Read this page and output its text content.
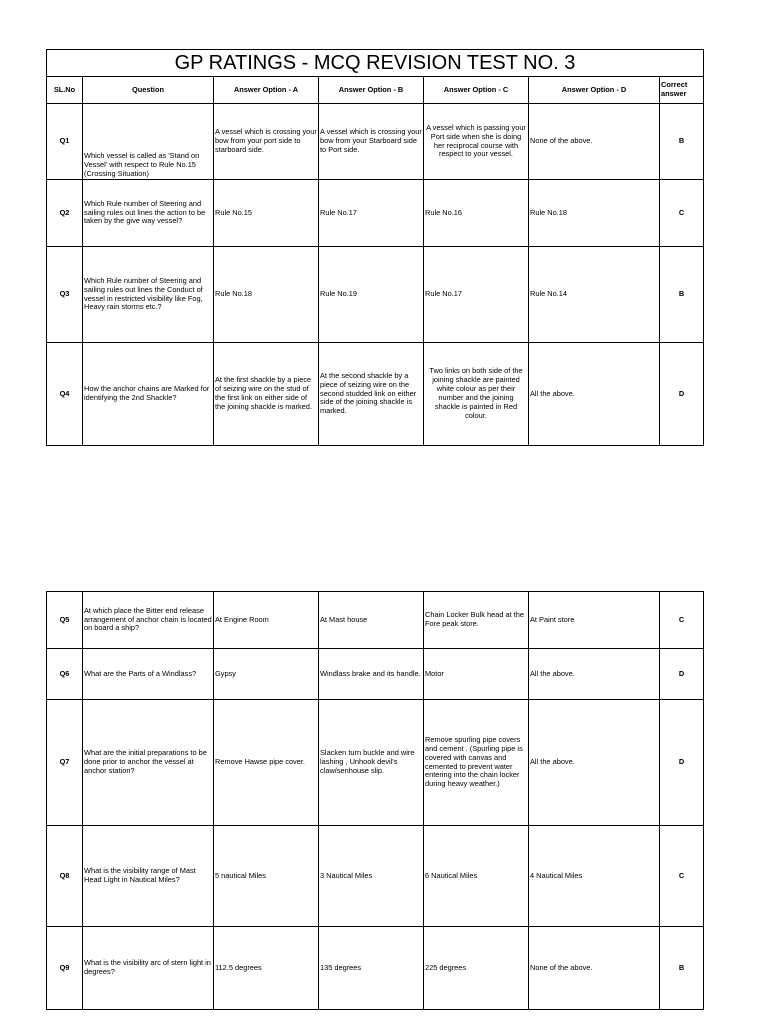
GP RATINGS - MCQ REVISION TEST NO. 3						
SL.No	Question	Answer Option - A	Answer Option - B	Answer Option - C	Answer Option - D	Correct answer
Q1	Which vessel is called as 'Stand on Vessel' with respect to Rule No.15 (Crossing Situation)	A vessel which is crossing your bow from your port side to starboard side.	A vessel which is crossing your bow from your Starboard side to Port side.	A vessel which is passing your Port side when she is doing her reciprocal course with respect to your vessel.	None of the above.	B
Q2	Which Rule number of Steering and sailing rules out lines the action to be taken by the give way vessel?	Rule No.15	Rule No.17	Rule No.16	Rule No.18	C
Q3	Which Rule number of Steering and sailing rules out lines the Conduct of vessel in restricted visibility like Fog, Heavy rain storms etc.?	Rule No.18	Rule No.19	Rule No.17	Rule No.14	B
Q4	How the anchor chains are Marked for identifying the 2nd Shackle?	At the first shackle by a piece of seizing wire on the stud of the first link on either side of the joining shackle is marked.	At the second shackle by a piece of seizing wire on the second studded link on either side of the joining shackle is marked.	Two links on both side of the joining shackle are painted white colour as per their number and the joining shackle is painted in Red colour.	All the above.	D
Q5	At which place the Bitter end release arrangement of anchor chain is located on board a ship?	At Engine Room	At Mast house	Chain Locker Bulk head at the Fore peak store.	At Paint store	C
Q6	What are the Parts of a Windlass?	Gypsy	Windlass brake and its handle.	Motor	All the above.	D
Q7	What are the initial preparations to be done prior to anchor the vessel at anchor station?	Remove Hawse pipe cover.	Slacken turn buckle and wire lashing , Unhook devil's claw/senhouse slip.	Remove spurling pipe covers and cement . (Spurling pipe is covered with canvas and cemented to prevent water entering into the chain locker during heavy weather.)	All the above.	D
Q8	What is the visibility range of Mast Head Light in Nautical Miles?	5 nautical Miles	3 Nautical Miles	6 Nautical Miles	4 Nautical Miles	C
Q9	What is the visibility arc of stern light in degrees?	112.5 degrees	135 degrees	225 degrees	None of the above.	B
